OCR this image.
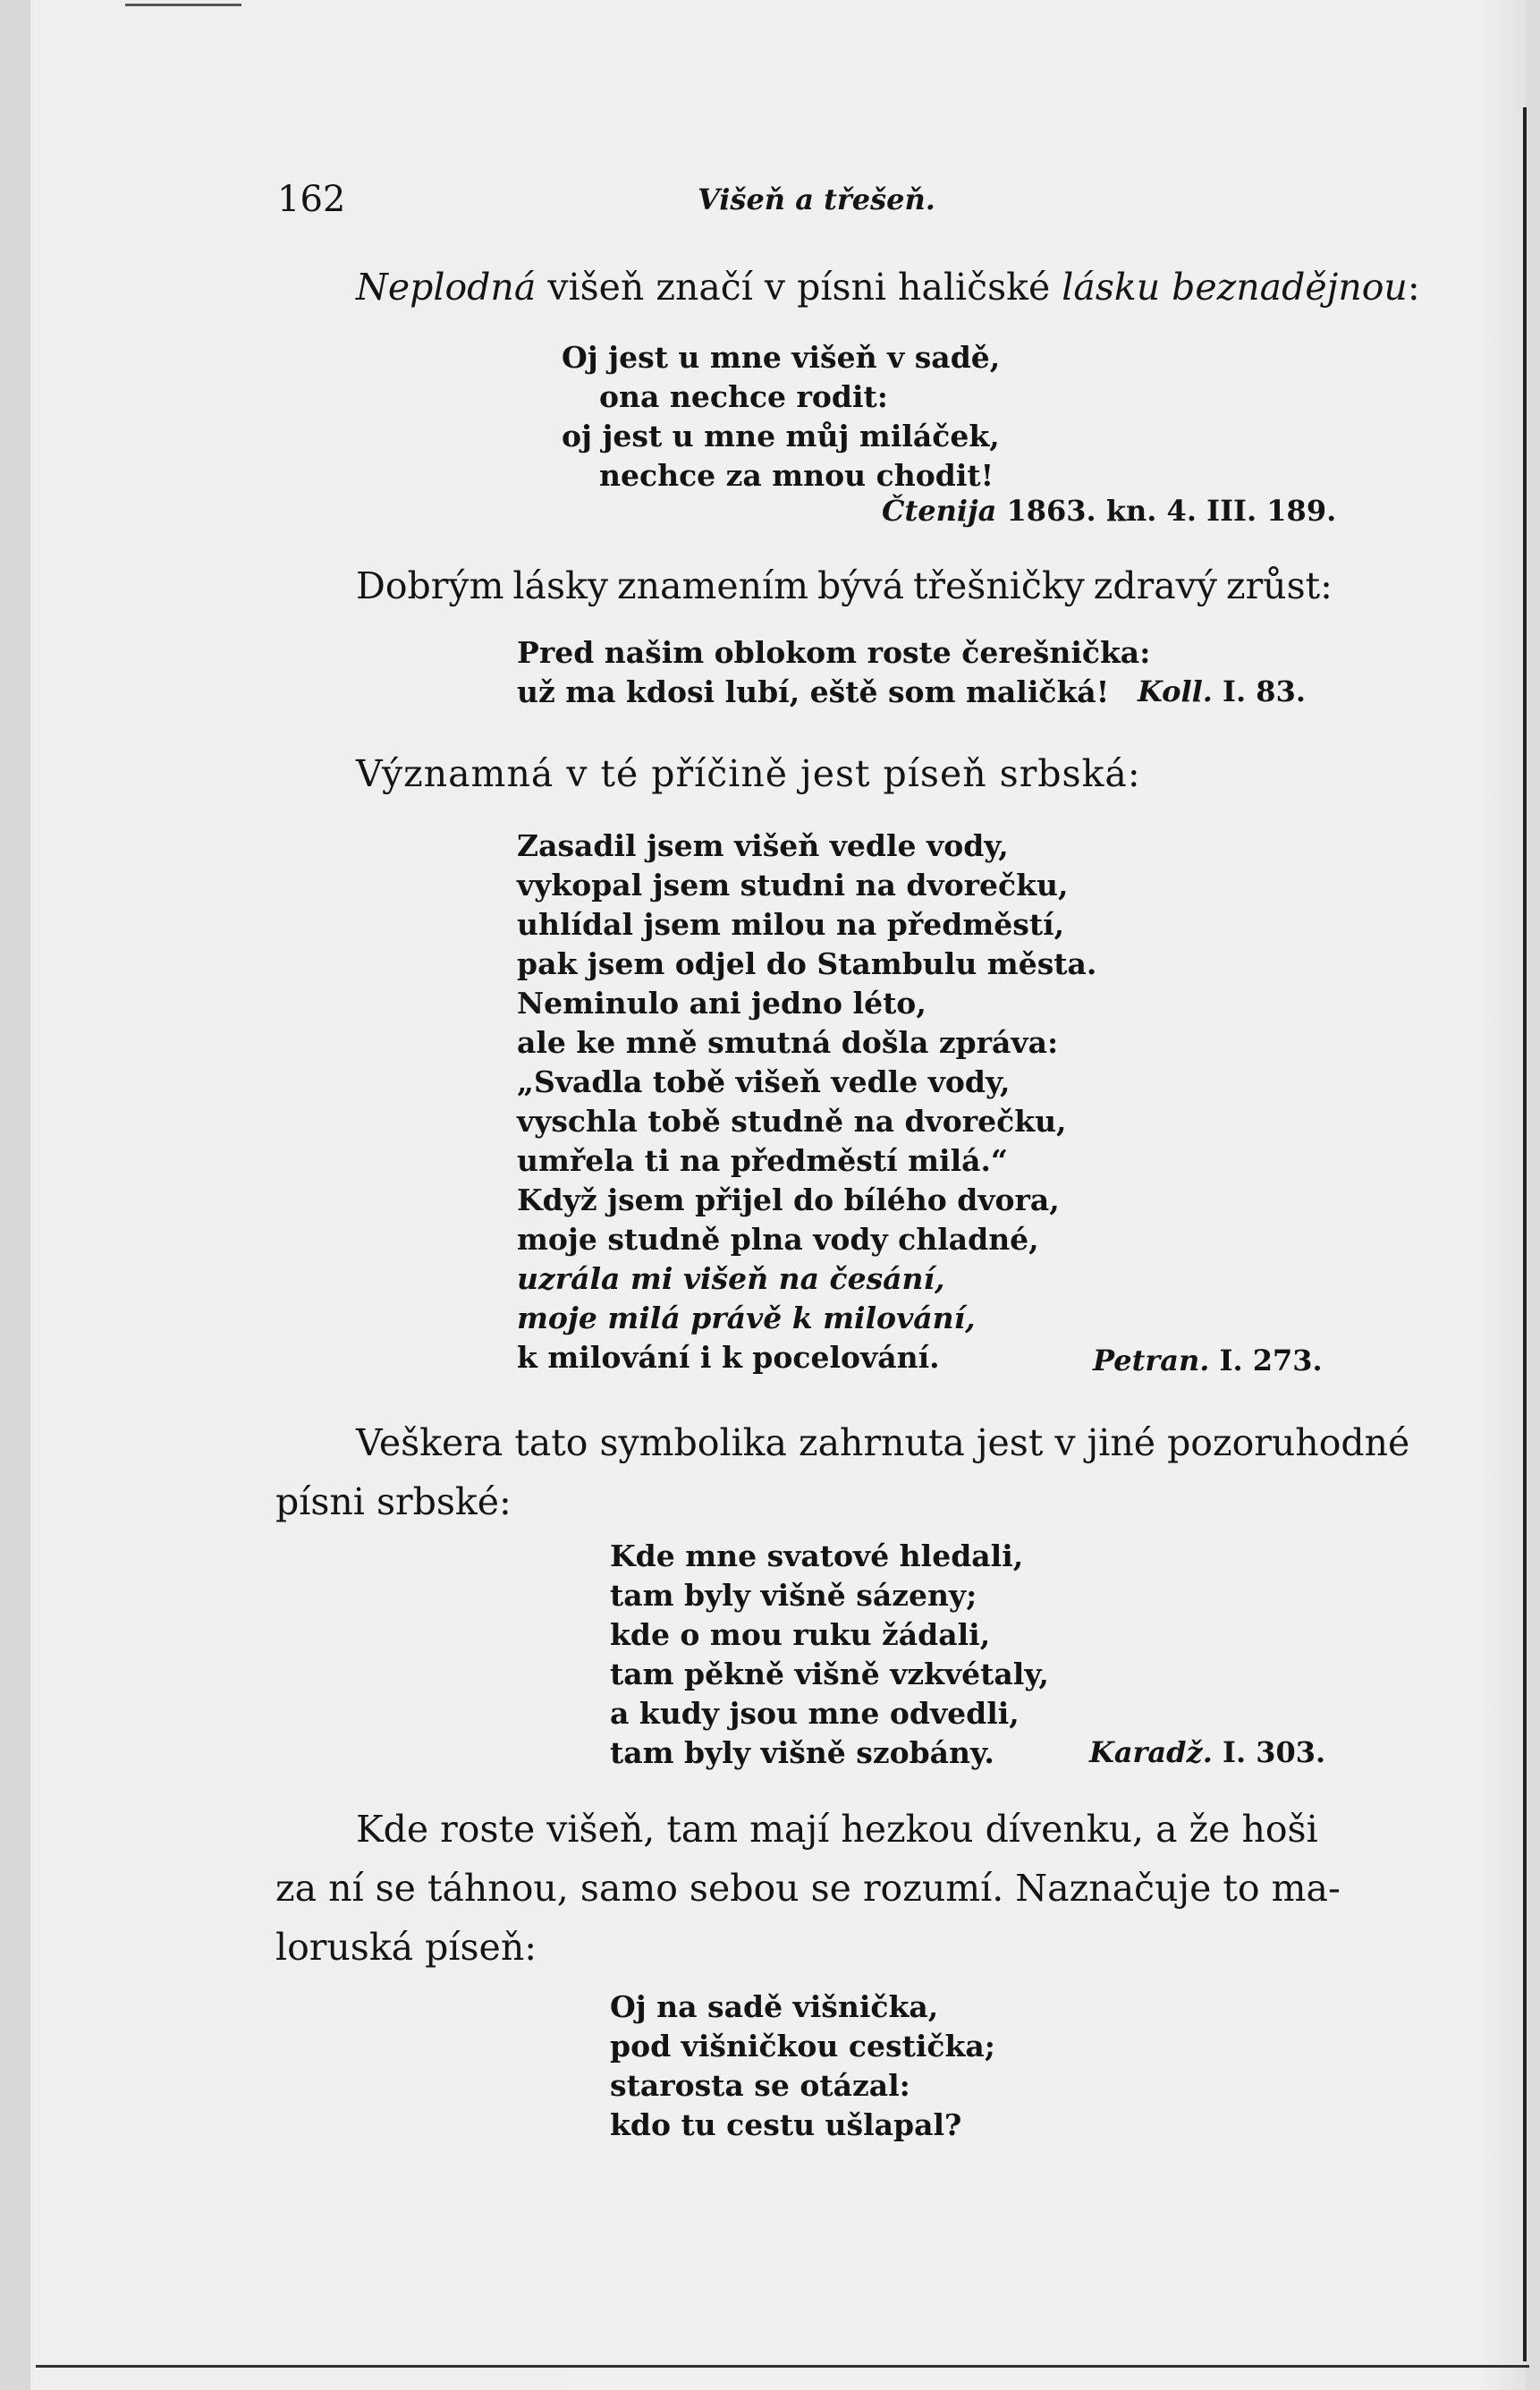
162	Višeň a třešeň.
Neplodná višeň značí v písni haličské lásku beznadějnou:
Oj jest u mne višeň v sadě,
ona nechce rodit:
oj jest u mne můj miláček,
nechce za mnou chodit!
Čtenija 1863. kn. 4. III. 189.
Dobrým lásky znamením bývá třešničky zdravý zrůst:
Pred našim oblokom roste čerešnička:
už ma kdosi lubí, eště som maličká! Koll. I. 83.
Významná v té příčině jest píseň srbská:
Zasadil jsem višeň vedle vody,
vykopal jsem studni na dvorečku,
uhlídal jsem milou na předměstí,
pak jsem odjel do Stambulu města.
Neminulo ani jedno léto,
ale ke mně smutná došla zpráva:
„Svadla tobě višeň vedle vody,
vyschla tobě studně na dvorečku,
umřela ti na předměstí milá.“
Když jsem přijel do bílého dvora,
moje studně plna vody chladné,
uzrála mi višeň na česání,
moje milá právě k milování,
k milování i k pocelování.	Petran. I. 273.
Veškera tato symbolika zahrnuta jest v jiné pozoruhodné
písni srbské:
Kde mne svatové hledali,
tam byly višně sázeny;
kde o mou ruku žádali,
tam pěkně višně vzkvétaly,
a kudy jsou mne odvedli,
tam byly višně szobány.	Karadž. I. 303.
Kde roste višeň, tam mají hezkou dívenku, a že hoši
za ní se táhnou, samo sebou se rozumí. Naznačuje to ma-
loruská píseň:
Oj na sadě višnička,
pod višničkou cestička;
starosta se otázal:
kdo tu cestu ušlapal?
